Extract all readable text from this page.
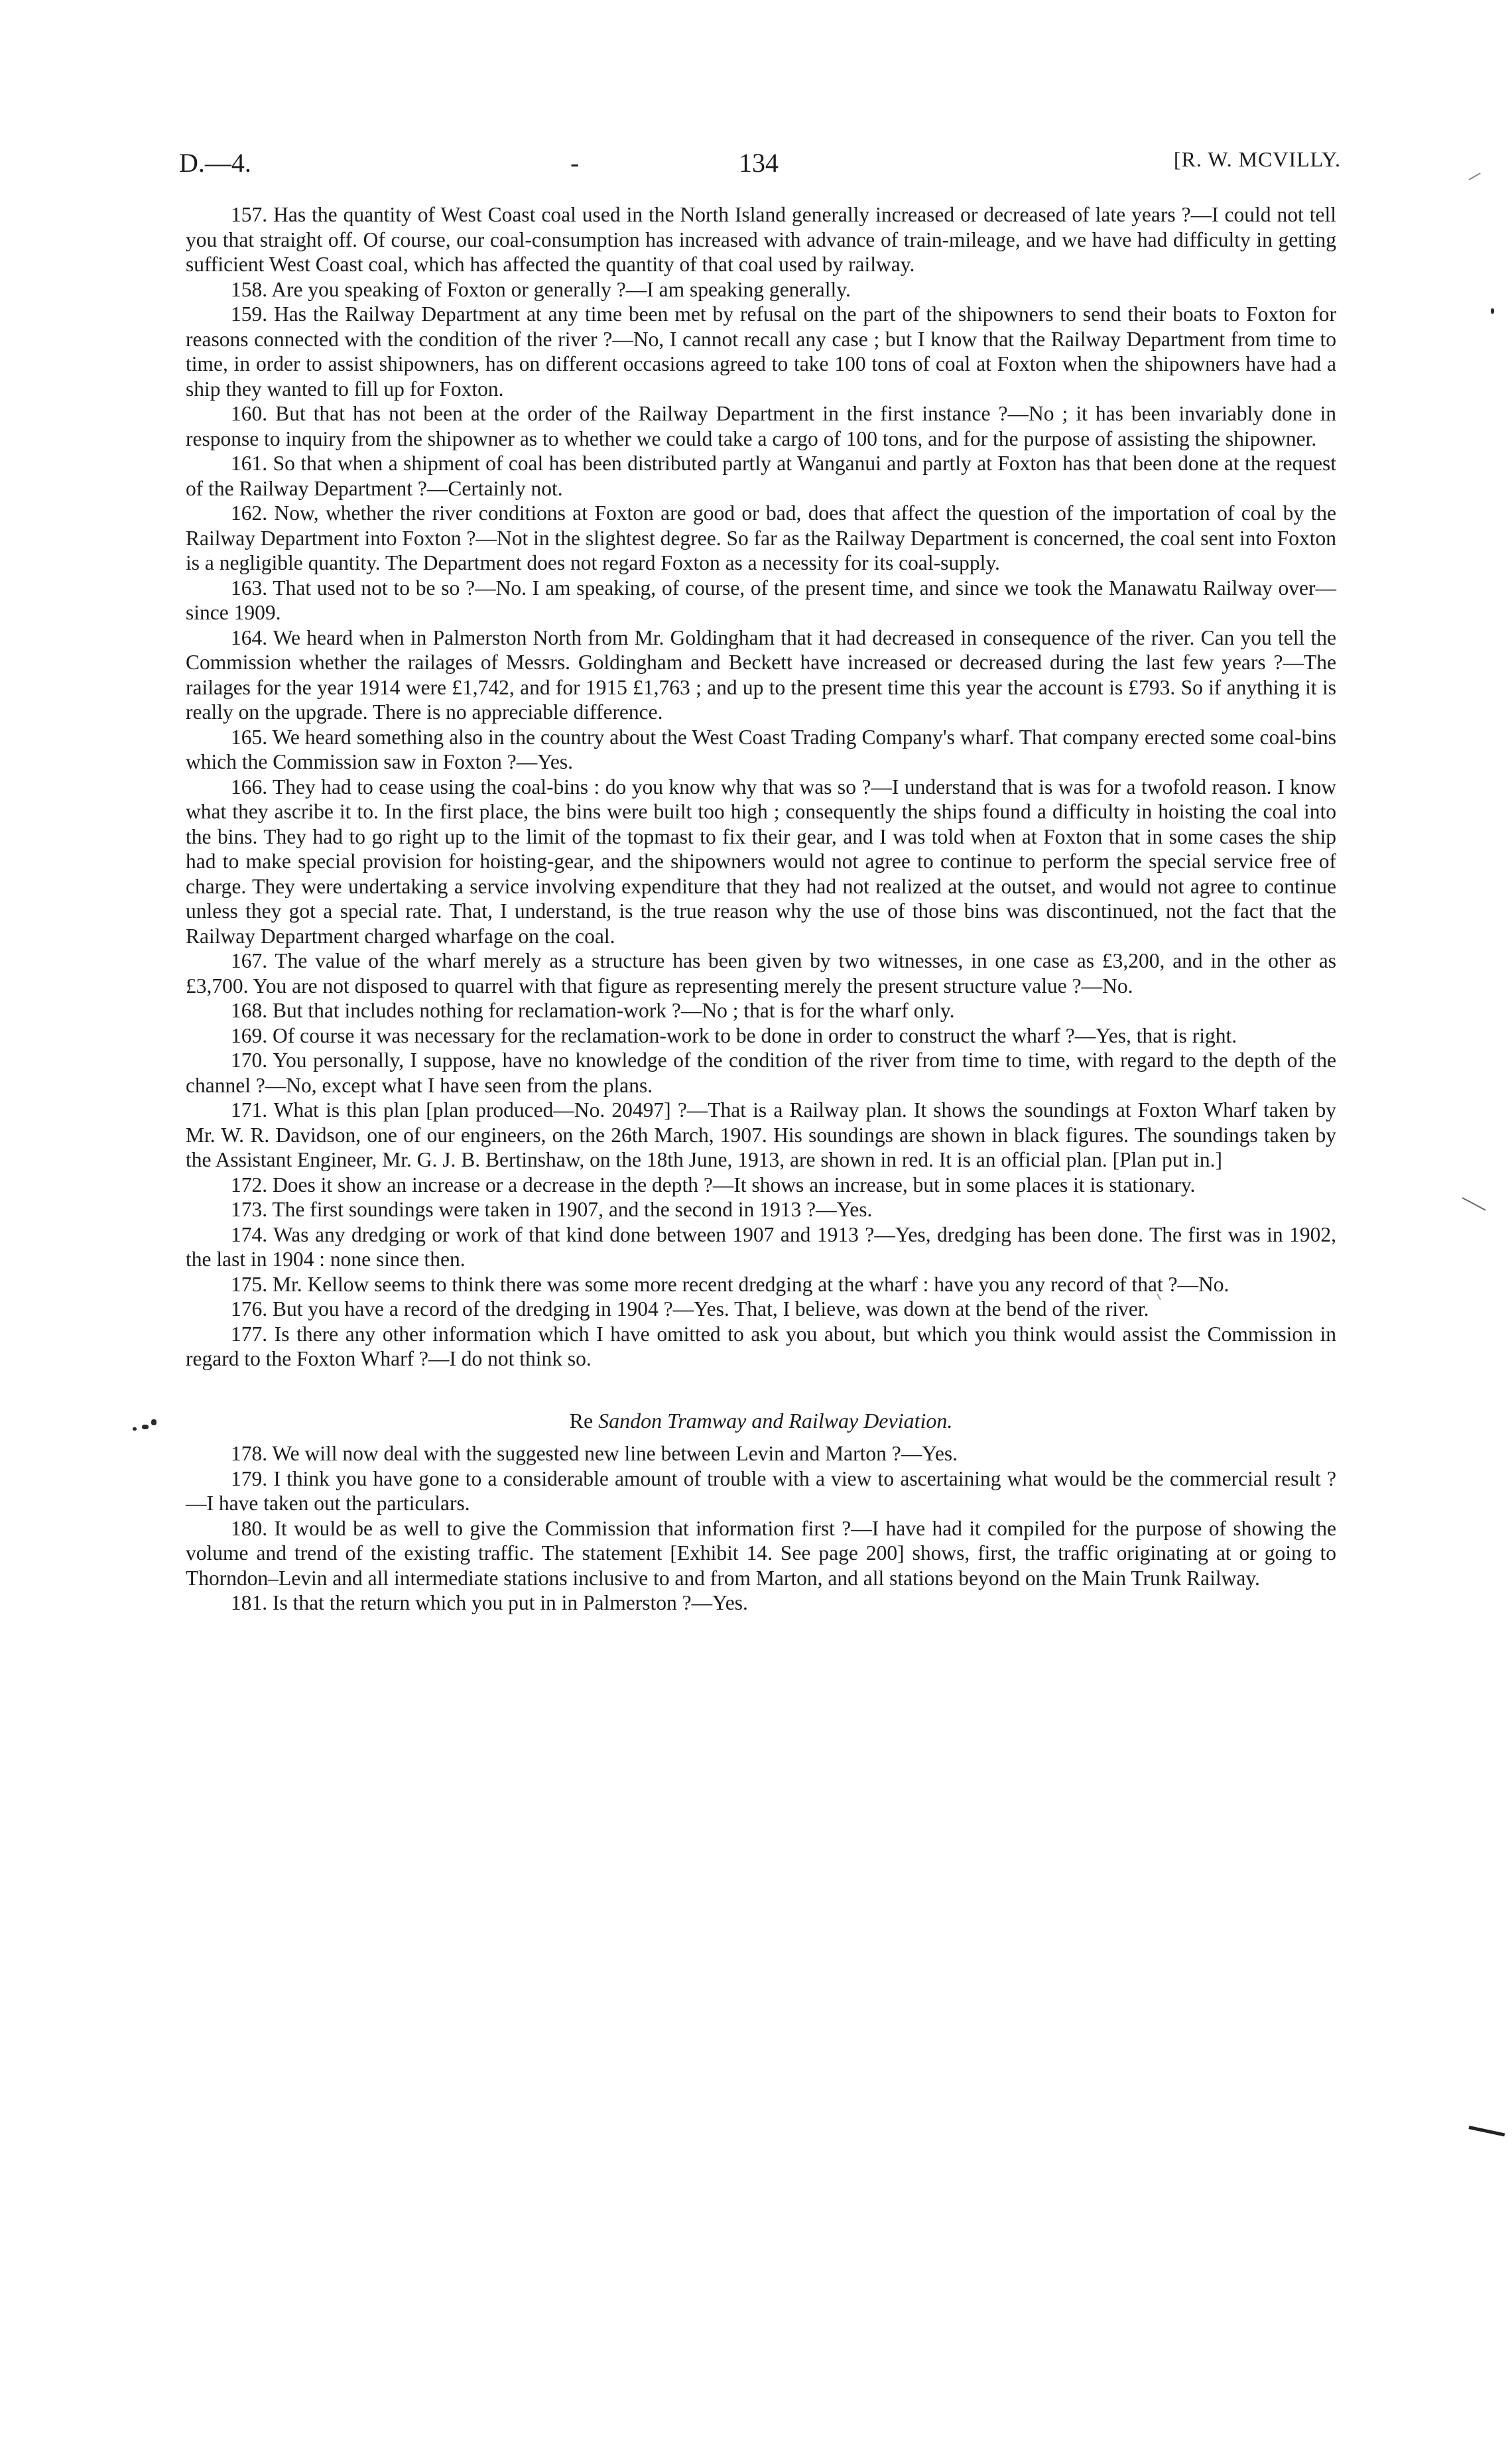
D.—4.	-	134	[R. W. MCVILLY.

157. Has the quantity of West Coast coal used in the North Island generally increased or decreased of late years ?—I could not tell you that straight off. Of course, our coal-consumption has increased with advance of train-mileage, and we have had difficulty in getting sufficient West Coast coal, which has affected the quantity of that coal used by railway.

158. Are you speaking of Foxton or generally ?—I am speaking generally.

159. Has the Railway Department at any time been met by refusal on the part of the shipowners to send their boats to Foxton for reasons connected with the condition of the river ?—No, I cannot recall any case ; but I know that the Railway Department from time to time, in order to assist shipowners, has on different occasions agreed to take 100 tons of coal at Foxton when the shipowners have had a ship they wanted to fill up for Foxton.

160. But that has not been at the order of the Railway Department in the first instance ?—No ; it has been invariably done in response to inquiry from the shipowner as to whether we could take a cargo of 100 tons, and for the purpose of assisting the shipowner.

161. So that when a shipment of coal has been distributed partly at Wanganui and partly at Foxton has that been done at the request of the Railway Department ?—Certainly not.

162. Now, whether the river conditions at Foxton are good or bad, does that affect the question of the importation of coal by the Railway Department into Foxton ?—Not in the slightest degree. So far as the Railway Department is concerned, the coal sent into Foxton is a negligible quantity. The Department does not regard Foxton as a necessity for its coal-supply.

163. That used not to be so ?—No. I am speaking, of course, of the present time, and since we took the Manawatu Railway over—since 1909.

164. We heard when in Palmerston North from Mr. Goldingham that it had decreased in consequence of the river. Can you tell the Commission whether the railages of Messrs. Goldingham and Beckett have increased or decreased during the last few years ?—The railages for the year 1914 were £1,742, and for 1915 £1,763 ; and up to the present time this year the account is £793. So if anything it is really on the upgrade. There is no appreciable difference.

165. We heard something also in the country about the West Coast Trading Company's wharf. That company erected some coal-bins which the Commission saw in Foxton ?—Yes.

166. They had to cease using the coal-bins : do you know why that was so ?—I understand that is was for a twofold reason. I know what they ascribe it to. In the first place, the bins were built too high ; consequently the ships found a difficulty in hoisting the coal into the bins. They had to go right up to the limit of the topmast to fix their gear, and I was told when at Foxton that in some cases the ship had to make special provision for hoisting-gear, and the shipowners would not agree to continue to perform the special service free of charge. They were undertaking a service involving expenditure that they had not realized at the outset, and would not agree to continue unless they got a special rate. That, I understand, is the true reason why the use of those bins was discontinued, not the fact that the Railway Department charged wharfage on the coal.

167. The value of the wharf merely as a structure has been given by two witnesses, in one case as £3,200, and in the other as £3,700. You are not disposed to quarrel with that figure as representing merely the present structure value ?—No.

168. But that includes nothing for reclamation-work ?—No ; that is for the wharf only.

169. Of course it was necessary for the reclamation-work to be done in order to construct the wharf ?—Yes, that is right.

170. You personally, I suppose, have no knowledge of the condition of the river from time to time, with regard to the depth of the channel ?—No, except what I have seen from the plans.

171. What is this plan [plan produced—No. 20497] ?—That is a Railway plan. It shows the soundings at Foxton Wharf taken by Mr. W. R. Davidson, one of our engineers, on the 26th March, 1907. His soundings are shown in black figures. The soundings taken by the Assistant Engineer, Mr. G. J. B. Bertinshaw, on the 18th June, 1913, are shown in red. It is an official plan. [Plan put in.]

172. Does it show an increase or a decrease in the depth ?—It shows an increase, but in some places it is stationary.

173. The first soundings were taken in 1907, and the second in 1913 ?—Yes.

174. Was any dredging or work of that kind done between 1907 and 1913 ?—Yes, dredging has been done. The first was in 1902, the last in 1904 : none since then.

175. Mr. Kellow seems to think there was some more recent dredging at the wharf : have you any record of that ?—No.

176. But you have a record of the dredging in 1904 ?—Yes. That, I believe, was down at the bend of the river.

177. Is there any other information which I have omitted to ask you about, but which you think would assist the Commission in regard to the Foxton Wharf ?—I do not think so.

Re Sandon Tramway and Railway Deviation.

178. We will now deal with the suggested new line between Levin and Marton ?—Yes.

179. I think you have gone to a considerable amount of trouble with a view to ascertaining what would be the commercial result ?—I have taken out the particulars.

180. It would be as well to give the Commission that information first ?—I have had it compiled for the purpose of showing the volume and trend of the existing traffic. The statement [Exhibit 14. See page 200] shows, first, the traffic originating at or going to Thorndon–Levin and all intermediate stations inclusive to and from Marton, and all stations beyond on the Main Trunk Railway.

181. Is that the return which you put in in Palmerston ?—Yes.
